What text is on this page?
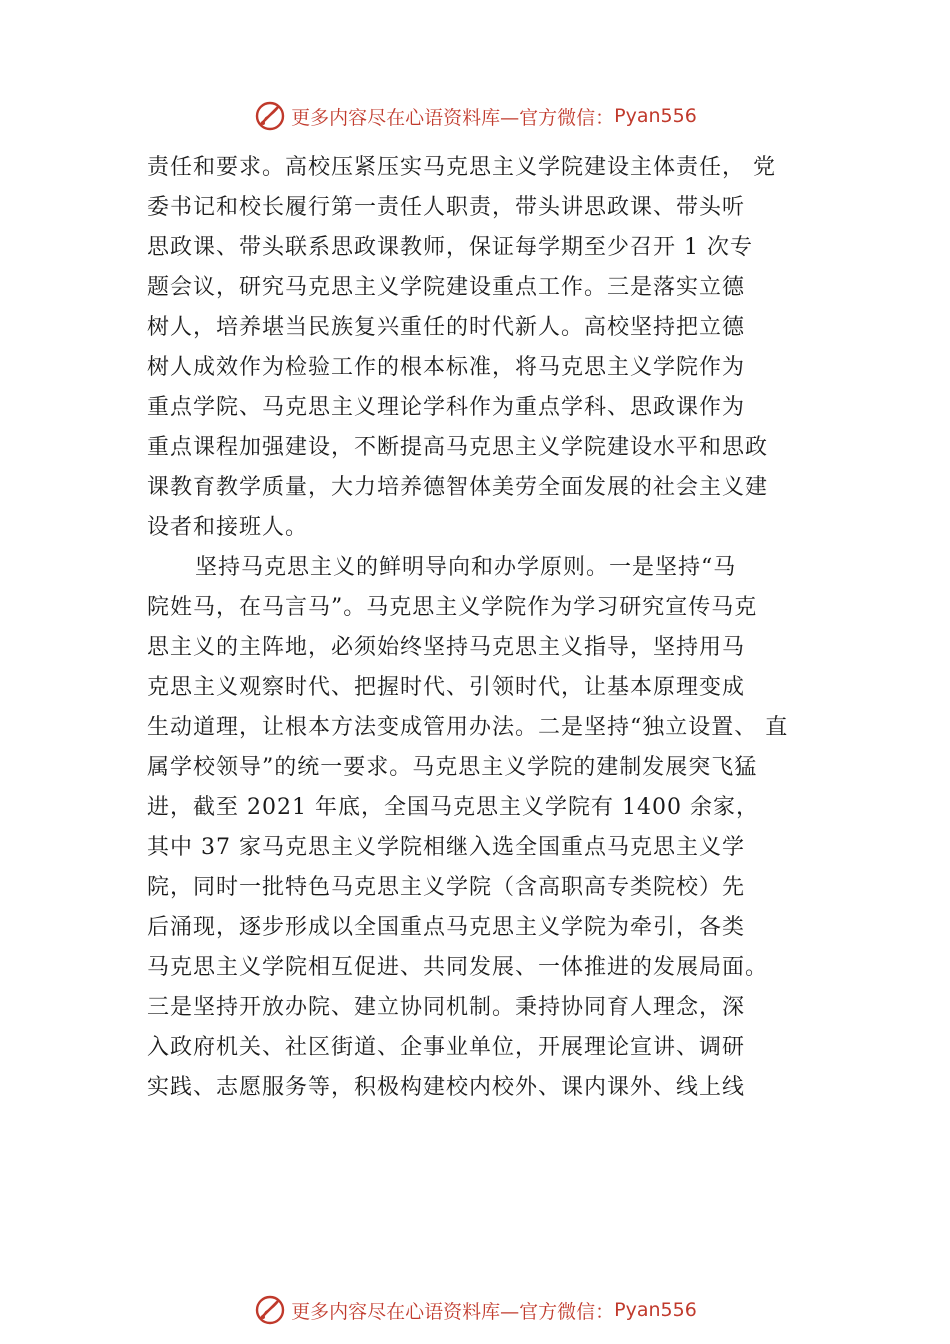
更多内容尽在心语资料库—官方微信： Pyan556
责任和要求。高校压紧压实马克思主义学院建设主体责任， 党
委书记和校长履行第一责任人职责，带头讲思政课、带头听
思政课、带头联系思政课教师，保证每学期至少召开 1 次专
题会议，研究马克思主义学院建设重点工作。三是落实立德
树人，培养堪当民族复兴重任的时代新人。高校坚持把立德
树人成效作为检验工作的根本标准，将马克思主义学院作为
重点学院、马克思主义理论学科作为重点学科、思政课作为
重点课程加强建设，不断提高马克思主义学院建设水平和思政
课教育教学质量，大力培养德智体美劳全面发展的社会主义建
设者和接班人。
坚持马克思主义的鲜明导向和办学原则。一是坚持“马
院姓马，在马言马”。马克思主义学院作为学习研究宣传马克
思主义的主阵地，必须始终坚持马克思主义指导，坚持用马
克思主义观察时代、把握时代、引领时代，让基本原理变成
生动道理，让根本方法变成管用办法。二是坚持“独立设置、 直
属学校领导”的统一要求。马克思主义学院的建制发展突飞猛
进，截至 2021 年底，全国马克思主义学院有 1400 余家，
其中 37 家马克思主义学院相继入选全国重点马克思主义学
院，同时一批特色马克思主义学院（含高职高专类院校）先
后涌现，逐步形成以全国重点马克思主义学院为牵引，各类
马克思主义学院相互促进、共同发展、一体推进的发展局面。
三是坚持开放办院、建立协同机制。秉持协同育人理念，深
入政府机关、社区街道、企事业单位，开展理论宣讲、调研
实践、志愿服务等，积极构建校内校外、课内课外、线上线
更多内容尽在心语资料库—官方微信： Pyan556
